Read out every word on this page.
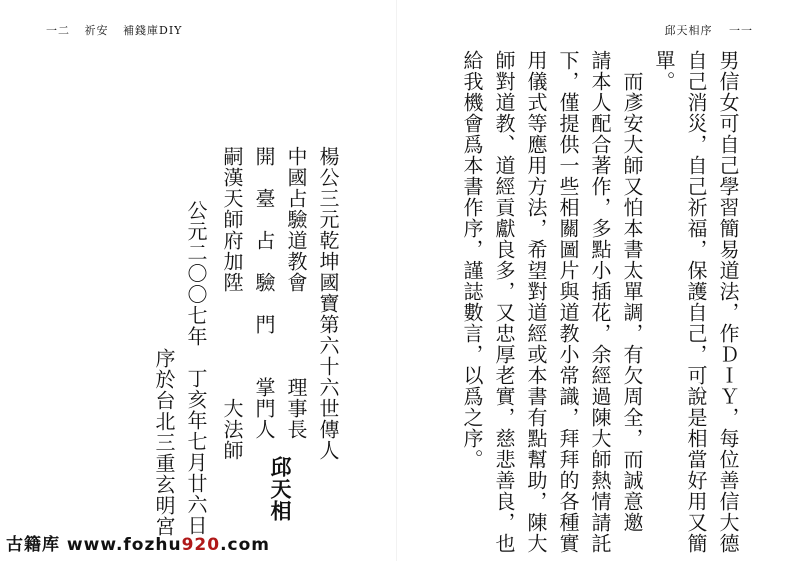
一二 祈安 補錢庫DIY
楊公三元乾坤國寶第六十六世傳人
中國占驗道教會　　　　理事長
開　臺　占　驗　門　　掌門人
嗣漢天師府加陞　　　　　大法師
邱天相
公元二〇〇七年　丁亥年七月廿六日
序於台北三重玄明宮
古籍库 www.fozhu920.com
邱天相序 一一
男信女可自己學習簡易道法，作ＤＩＹ，每位善信大德
自己消災，自己祈福，保護自己，可說是相當好用又簡
單。
　而彥安大師又怕本書太單調，有欠周全，而誠意邀
請本人配合著作，多點小插花，余經過陳大師熱情請託
下，僅提供一些相關圖片與道教小常識，拜拜的各種實
用儀式等應用方法，希望對道經或本書有點幫助，陳大
師對道教、道經貢獻良多，又忠厚老實，慈悲善良，也
給我機會爲本書作序，謹誌數言，以爲之序。
